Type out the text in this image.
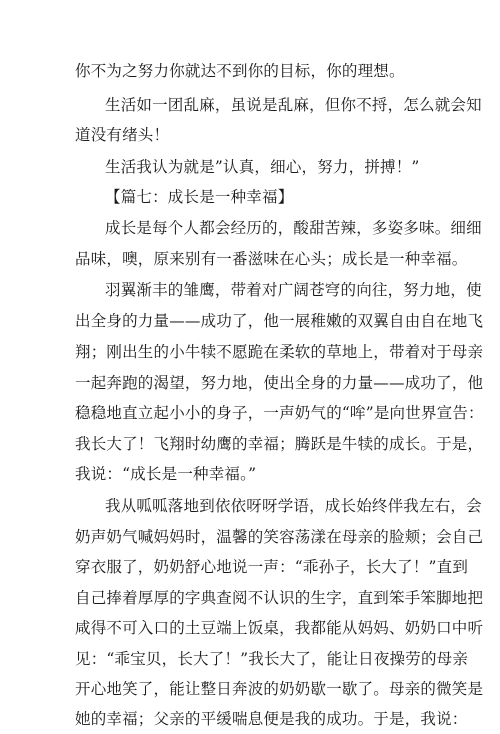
你不为之努力你就达不到你的目标，你的理想。
生活如一团乱麻，虽说是乱麻，但你不捋，怎么就会知
道没有绪头！
生活我认为就是”认真，细心，努力，拼搏！”
【篇七：成长是一种幸福】
成长是每个人都会经历的，酸甜苦辣，多姿多味。细细
品味，噢，原来别有一番滋味在心头；成长是一种幸福。
羽翼渐丰的雏鹰，带着对广阔苍穹的向往，努力地，使
出全身的力量——成功了，他一展稚嫩的双翼自由自在地飞
翔；刚出生的小牛犊不愿跪在柔软的草地上，带着对于母亲
一起奔跑的渴望，努力地，使出全身的力量——成功了，他
稳稳地直立起小小的身子，一声奶气的“哞”是向世界宣告：
我长大了！飞翔时幼鹰的幸福；腾跃是牛犊的成长。于是，
我说：“成长是一种幸福。”
我从呱呱落地到依依呀呀学语，成长始终伴我左右，会
奶声奶气喊妈妈时，温馨的笑容荡漾在母亲的脸颊；会自己
穿衣服了，奶奶舒心地说一声：“乖孙子，长大了！”直到
自己捧着厚厚的字典查阅不认识的生字，直到笨手笨脚地把
咸得不可入口的土豆端上饭桌，我都能从妈妈、奶奶口中听
见：“乖宝贝，长大了！”我长大了，能让日夜操劳的母亲
开心地笑了，能让整日奔波的奶奶歇一歇了。母亲的微笑是
她的幸福；父亲的平缓喘息便是我的成功。于是，我说：
